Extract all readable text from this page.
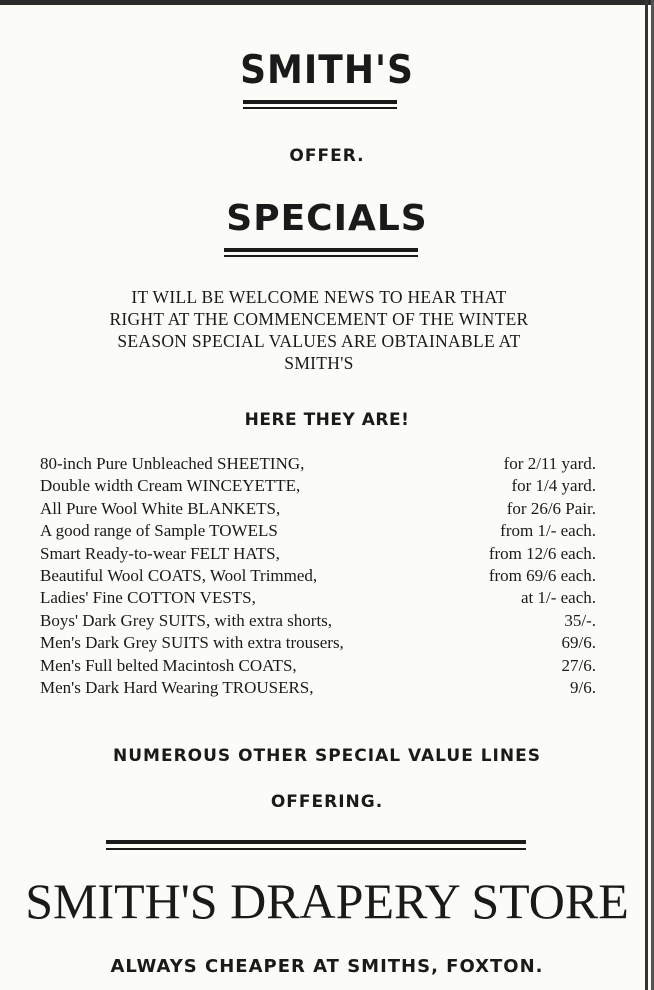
SMITH'S
OFFER.
SPECIALS
IT WILL BE WELCOME NEWS TO HEAR THAT
RIGHT AT THE COMMENCEMENT OF THE WINTER
SEASON SPECIAL VALUES ARE OBTAINABLE AT
SMITH'S
HERE THEY ARE!
80-inch Pure Unbleached SHEETING,	for 2/11 yard.
Double width Cream WINCEYETTE,	for 1/4 yard.
All Pure Wool White BLANKETS,	for 26/6 Pair.
A good range of Sample TOWELS	from 1/- each.
Smart Ready-to-wear FELT HATS,	from 12/6 each.
Beautiful Wool COATS, Wool Trimmed,	from 69/6 each.
Ladies' Fine COTTON VESTS,	at 1/- each.
Boys' Dark Grey SUITS, with extra shorts,	35/-.
Men's Dark Grey SUITS with extra trousers,	69/6.
Men's Full belted Macintosh COATS,	27/6.
Men's Dark Hard Wearing TROUSERS,	9/6.
NUMEROUS OTHER SPECIAL VALUE LINES
OFFERING.
SMITH'S DRAPERY STORE
ALWAYS CHEAPER AT SMITHS, FOXTON.
